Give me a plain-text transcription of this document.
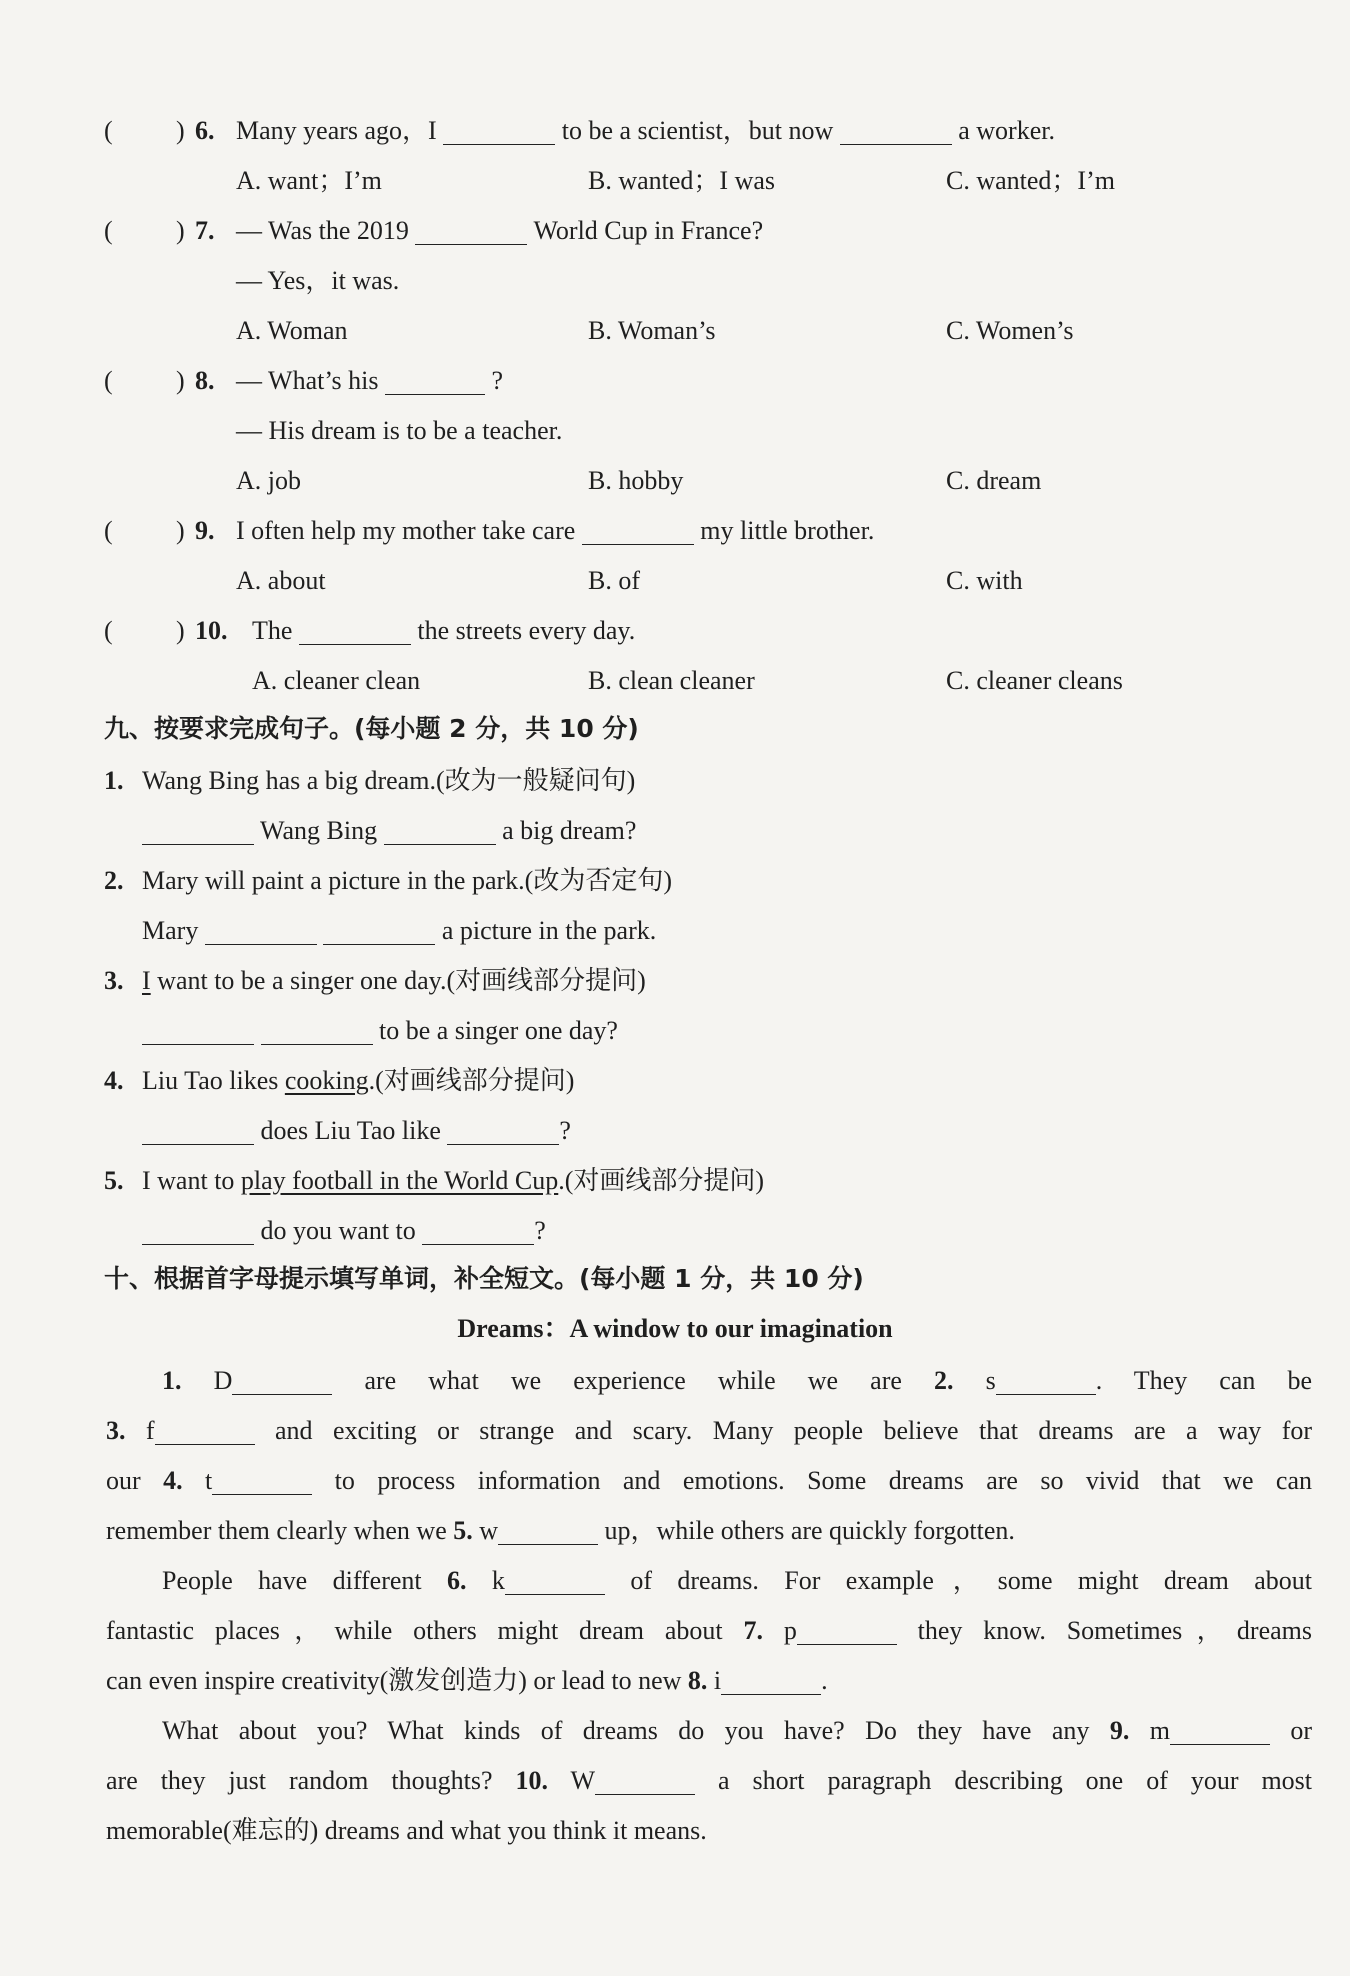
( ) 6. Many years ago，I	to be a scientist，but now	a worker.
A. want；I’m	B. wanted；I was	C. wanted；I’m
( ) 7. — Was the 2019	World Cup in France?
— Yes，it was.
A. Woman	B. Woman’s	C. Women’s
( ) 8. — What’s his	?
— His dream is to be a teacher.
A. job	B. hobby	C. dream
( ) 9. I often help my mother take care	my little brother.
A. about	B. of	C. with
( ) 10. The	the streets every day.
A. cleaner clean	B. clean cleaner	C. cleaner cleans
九、按要求完成句子。(每小题 2 分，共 10 分)
1. Wang Bing has a big dream.(改为一般疑问句)
Wang Bing	a big dream?
2. Mary will paint a picture in the park.(改为否定句)
Mary	a picture in the park.
3. I want to be a singer one day.(对画线部分提问)
to be a singer one day?
4. Liu Tao likes cooking.(对画线部分提问)
does Liu Tao like	?
5. I want to play football in the World Cup.(对画线部分提问)
do you want to	?
十、根据首字母提示填写单词，补全短文。(每小题 1 分，共 10 分)
Dreams：A window to our imagination
1. D	are what we experience while we are 2. s	. They can be
3. f	and exciting or strange and scary. Many people believe that dreams are a way for
our 4. t	to process information and emotions. Some dreams are so vivid that we can
remember them clearly when we 5. w	up，while others are quickly forgotten.
People have different 6. k	of dreams. For example，some might dream about
fantastic places，while others might dream about 7. p	they know. Sometimes，dreams
can even inspire creativity(激发创造力) or lead to new 8. i	.
What about you? What kinds of dreams do you have? Do they have any 9. m	or
are they just random thoughts? 10. W	a short paragraph describing one of your most
memorable(难忘的) dreams and what you think it means.
